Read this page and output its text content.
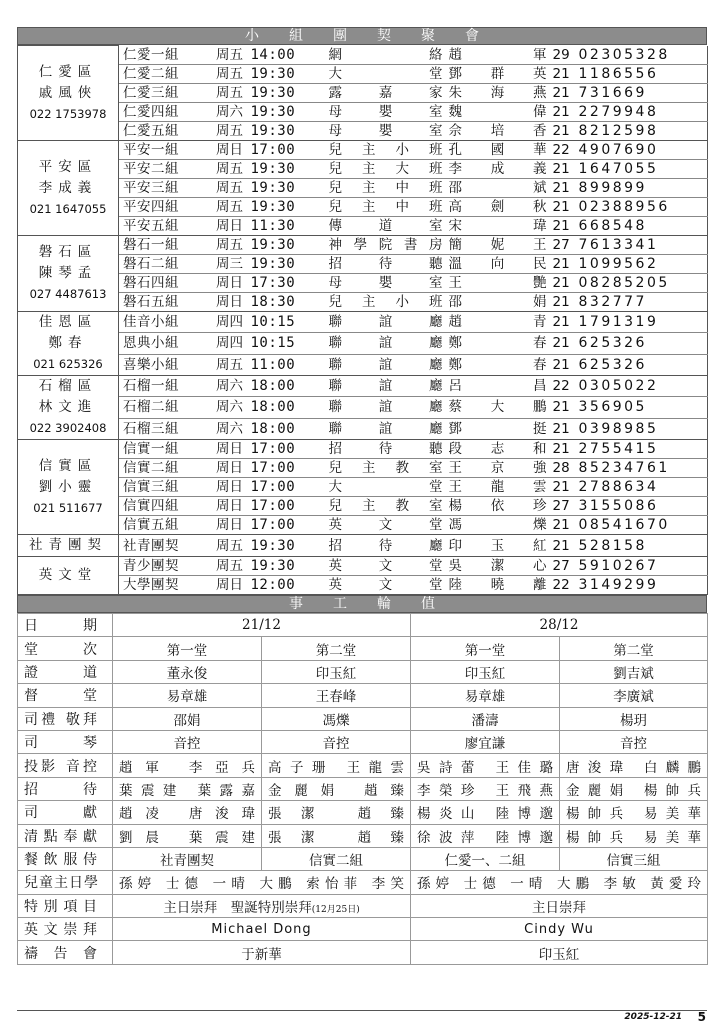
小組團契聚會
仁愛區
戚風俠
022 1753978	仁愛一組	周五	14:00	網絡	趙軍	29	02305328
	仁愛二組	周五	19:30	大堂	鄧群英	21	1186556
	仁愛三組	周五	19:30	露嘉家	朱海燕	21	731669
	仁愛四組	周六	19:30	母嬰室	魏偉	21	2279948
	仁愛五組	周五	19:30	母嬰室	佘培香	21	8212598

平安區
李成義
021 1647055	平安一組	周日	17:00	兒主小班	孔國華	22	4907690
	平安二組	周五	19:30	兒主大班	李成義	21	1647055
	平安三組	周五	19:30	兒主中班	邵斌	21	899899
	平安四組	周五	19:30	兒主中班	高劍秋	21	02388956
	平安五組	周日	11:30	傳道室	宋瑋	21	668548

磐石區
陳琴孟
027 4487613	磐石一組	周五	19:30	神學院書房	簡妮王	27	7613341
	磐石二組	周三	19:30	招待聽	溫向民	21	1099562
	磐石四組	周日	17:30	母嬰室	王艷	21	08285205
	磐石五組	周日	18:30	兒主小班	邵娟	21	832777

佳恩區
鄭春
021 625326	佳音小組	周四	10:15	聯誼廳	趙青	21	1791319
	恩典小組	周四	10:15	聯誼廳	鄭春	21	625326
	喜樂小組	周五	11:00	聯誼廳	鄭春	21	625326

石榴區
林文進
022 3902408	石榴一組	周六	18:00	聯誼廳	呂昌	22	0305022
	石榴二組	周六	18:00	聯誼廳	蔡大鵬	21	356905
	石榴三組	周六	18:00	聯誼廳	鄧挺	21	0398985

信實區
劉小靈
021 511677	信實一組	周日	17:00	招待聽	段志和	21	2755415
	信實二組	周日	17:00	兒主教室	王京強	28	85234761
	信實三組	周日	17:00	大堂	王龍雲	21	2788634
	信實四組	周日	17:00	兒主教室	楊依珍	27	3155086
	信實五組	周日	17:00	英文堂	馮爍	21	08541670

社青團契	社青團契	周五	19:30	招待廳	印玉紅	21	528158

英文堂	青少團契	周五	19:30	英文堂	吳潔心	27	5910267
	大學團契	周日	12:00	英文堂	陸曉離	22	3149299
事工輪值
日期	21/12		28/12	
堂次	第一堂	第二堂	第一堂	第二堂
證道	董永俊	印玉紅	印玉紅	劉吉斌
督堂	易章雄	王春峰	易章雄	李廣斌
司禮 敬拜	邵娟	馮爍	潘濤	楊玥
司琴	音控	音控	廖宜謙	音控
投影 音控	趙軍 李亞兵	高子珊 王龍雲	吳詩蕾 王佳璐	唐浚瑋 白麟鵬
招待	葉震建 葉露嘉	金麗娟 趙臻	李榮珍 王飛燕	金麗娟 楊帥兵
司獻	趙凌 唐浚瑋	張潔 趙臻	楊炎山 陸博邈	楊帥兵 易美華
清點奉獻	劉晨 葉震建	張潔 趙臻	徐波萍 陸博邈	楊帥兵 易美華
餐飲服侍	社青團契	信實二組	仁愛一、二組	信實三組
兒童主日學	孫婷 士德 一晴 大鵬 索怡菲 李笑		孫婷 士德 一晴 大鵬 李敏 黃愛玲	
特別項目	主日崇拜　 聖誕特別崇拜(12月25日)		主日崇拜	
英文崇拜	Michael Dong		Cindy Wu	
禱告會	于新華		印玉紅	
2025-12-21 5
